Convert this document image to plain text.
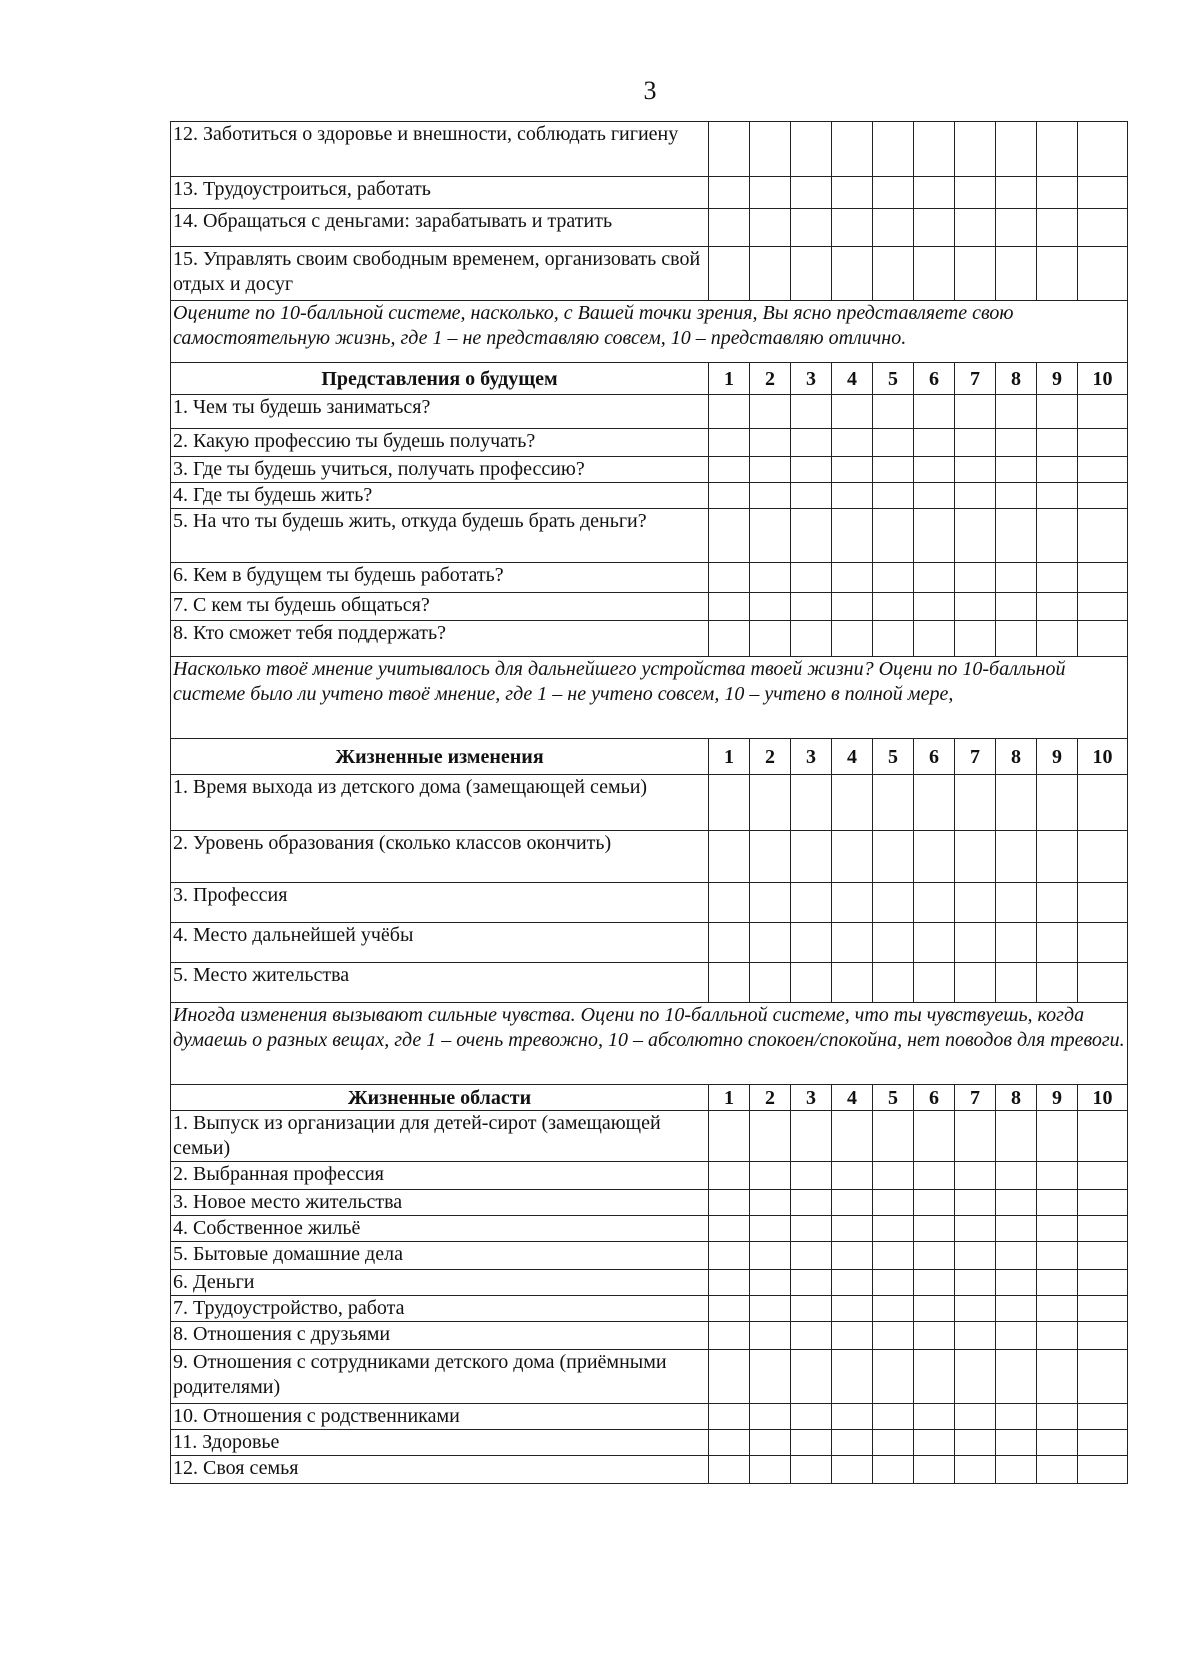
3
12. Заботиться о здоровье и внешности, соблюдать гигиену										
13. Трудоустроиться, работать										
14. Обращаться с деньгами: зарабатывать и тратить										
15. Управлять своим свободным временем, организовать свой отдых и досуг										
Оцените по 10-балльной системе, насколько, с Вашей точки зрения, Вы ясно представляете свою самостоятельную жизнь, где 1 – не представляю совсем, 10 – представляю отлично.										
Представления о будущем	1	2	3	4	5	6	7	8	9	10
1. Чем ты будешь заниматься?										
2. Какую профессию ты будешь получать?										
3. Где ты будешь учиться, получать профессию?										
4. Где ты будешь жить?										
5. На что ты будешь жить, откуда будешь брать деньги?										
6. Кем в будущем ты будешь работать?										
7. С кем ты будешь общаться?										
8. Кто сможет тебя поддержать?										
Насколько твоё мнение учитывалось для дальнейшего устройства твоей жизни? Оцени по 10-балльной системе было ли учтено твоё мнение, где 1 – не учтено совсем, 10 – учтено в полной мере,										
Жизненные изменения	1	2	3	4	5	6	7	8	9	10
1. Время выхода из детского дома (замещающей семьи)										
2. Уровень образования (сколько классов окончить)										
3. Профессия										
4. Место дальнейшей учёбы										
5. Место жительства										
Иногда изменения вызывают сильные чувства. Оцени по 10-балльной системе, что ты чувствуешь, когда думаешь о разных вещах, где 1 – очень тревожно, 10 – абсолютно спокоен/спокойна, нет поводов для тревоги.										
Жизненные области	1	2	3	4	5	6	7	8	9	10
1. Выпуск из организации для детей-сирот (замещающей семьи)										
2. Выбранная профессия										
3. Новое место жительства										
4. Собственное жильё										
5. Бытовые домашние дела										
6. Деньги										
7. Трудоустройство, работа										
8. Отношения с друзьями										
9. Отношения с сотрудниками детского дома (приёмными родителями)										
10. Отношения с родственниками										
11. Здоровье										
12. Своя семья										
